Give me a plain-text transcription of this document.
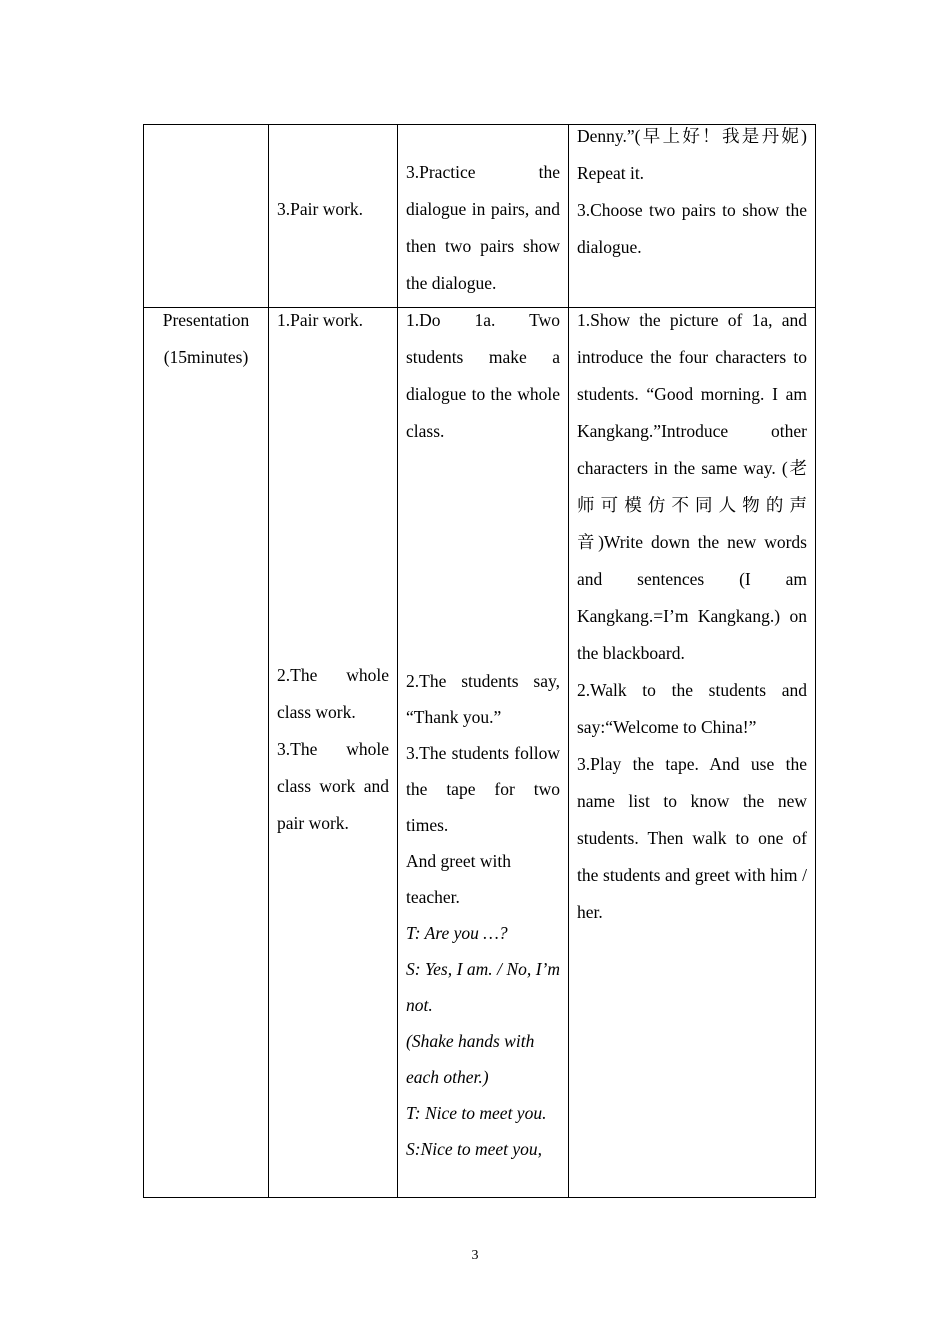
3.Pair work.
3.Practice the dialogue in pairs, and then two pairs show the dialogue.
Denny.”(早上好！我是丹妮) Repeat it.
3.Choose two pairs to show the dialogue.
Presentation (15minutes)
1.Pair work.
2.The whole class work.
3.The whole class work and pair work.
1.Do 1a. Two students make a dialogue to the whole class.
2.The students say, “Thank you.”
3.The students follow the tape for two times.
And greet with teacher.
T: Are you …?
S: Yes, I am. / No, I’m not.
(Shake hands with each other.)
T: Nice to meet you.
S:Nice to meet you,
1.Show the picture of 1a, and introduce the four characters to students. “Good morning. I am Kangkang.”Introduce other characters in the same way. (老师可模仿不同人物的声音)Write down the new words and sentences (I am Kangkang.=I’m Kangkang.) on the blackboard.
2.Walk to the students and say:“Welcome to China!”
3.Play the tape. And use the name list to know the new students. Then walk to one of the students and greet with him / her.
3
